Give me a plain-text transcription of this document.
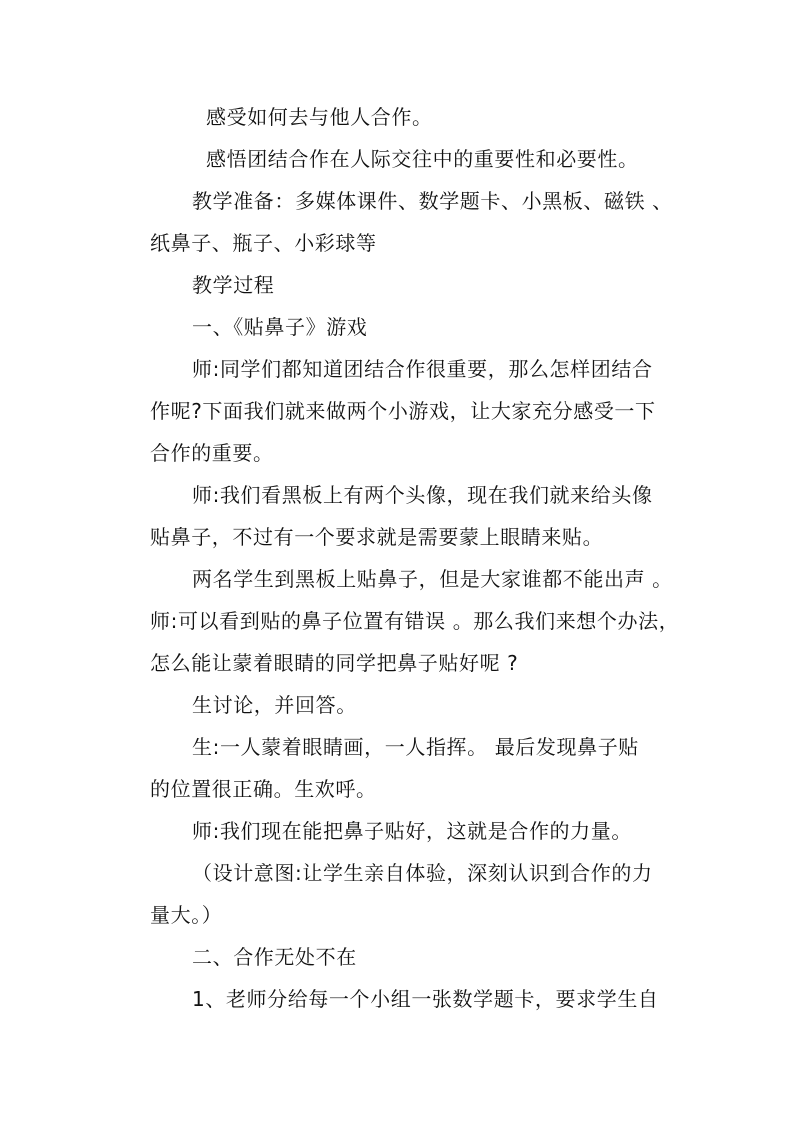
感受如何去与他人合作。
感悟团结合作在人际交往中的重要性和必要性。
教学准备：多媒体课件、数学题卡、小黑板、磁铁 、
纸鼻子、瓶子、小彩球等
教学过程
一、《贴鼻子》游戏
师:同学们都知道团结合作很重要，那么怎样团结合
作呢?下面我们就来做两个小游戏，让大家充分感受一下
合作的重要。
师:我们看黑板上有两个头像，现在我们就来给头像
贴鼻子，不过有一个要求就是需要蒙上眼睛来贴。
两名学生到黑板上贴鼻子，但是大家谁都不能出声 。
师:可以看到贴的鼻子位置有错误 。那么我们来想个办法，
怎么能让蒙着眼睛的同学把鼻子贴好呢 ?
生讨论，并回答。
生:一人蒙着眼睛画，一人指挥。 最后发现鼻子贴
的位置很正确。生欢呼。
师:我们现在能把鼻子贴好，这就是合作的力量。
（设计意图:让学生亲自体验，深刻认识到合作的力
量大。）
二、合作无处不在
1、老师分给每一个小组一张数学题卡，要求学生自
